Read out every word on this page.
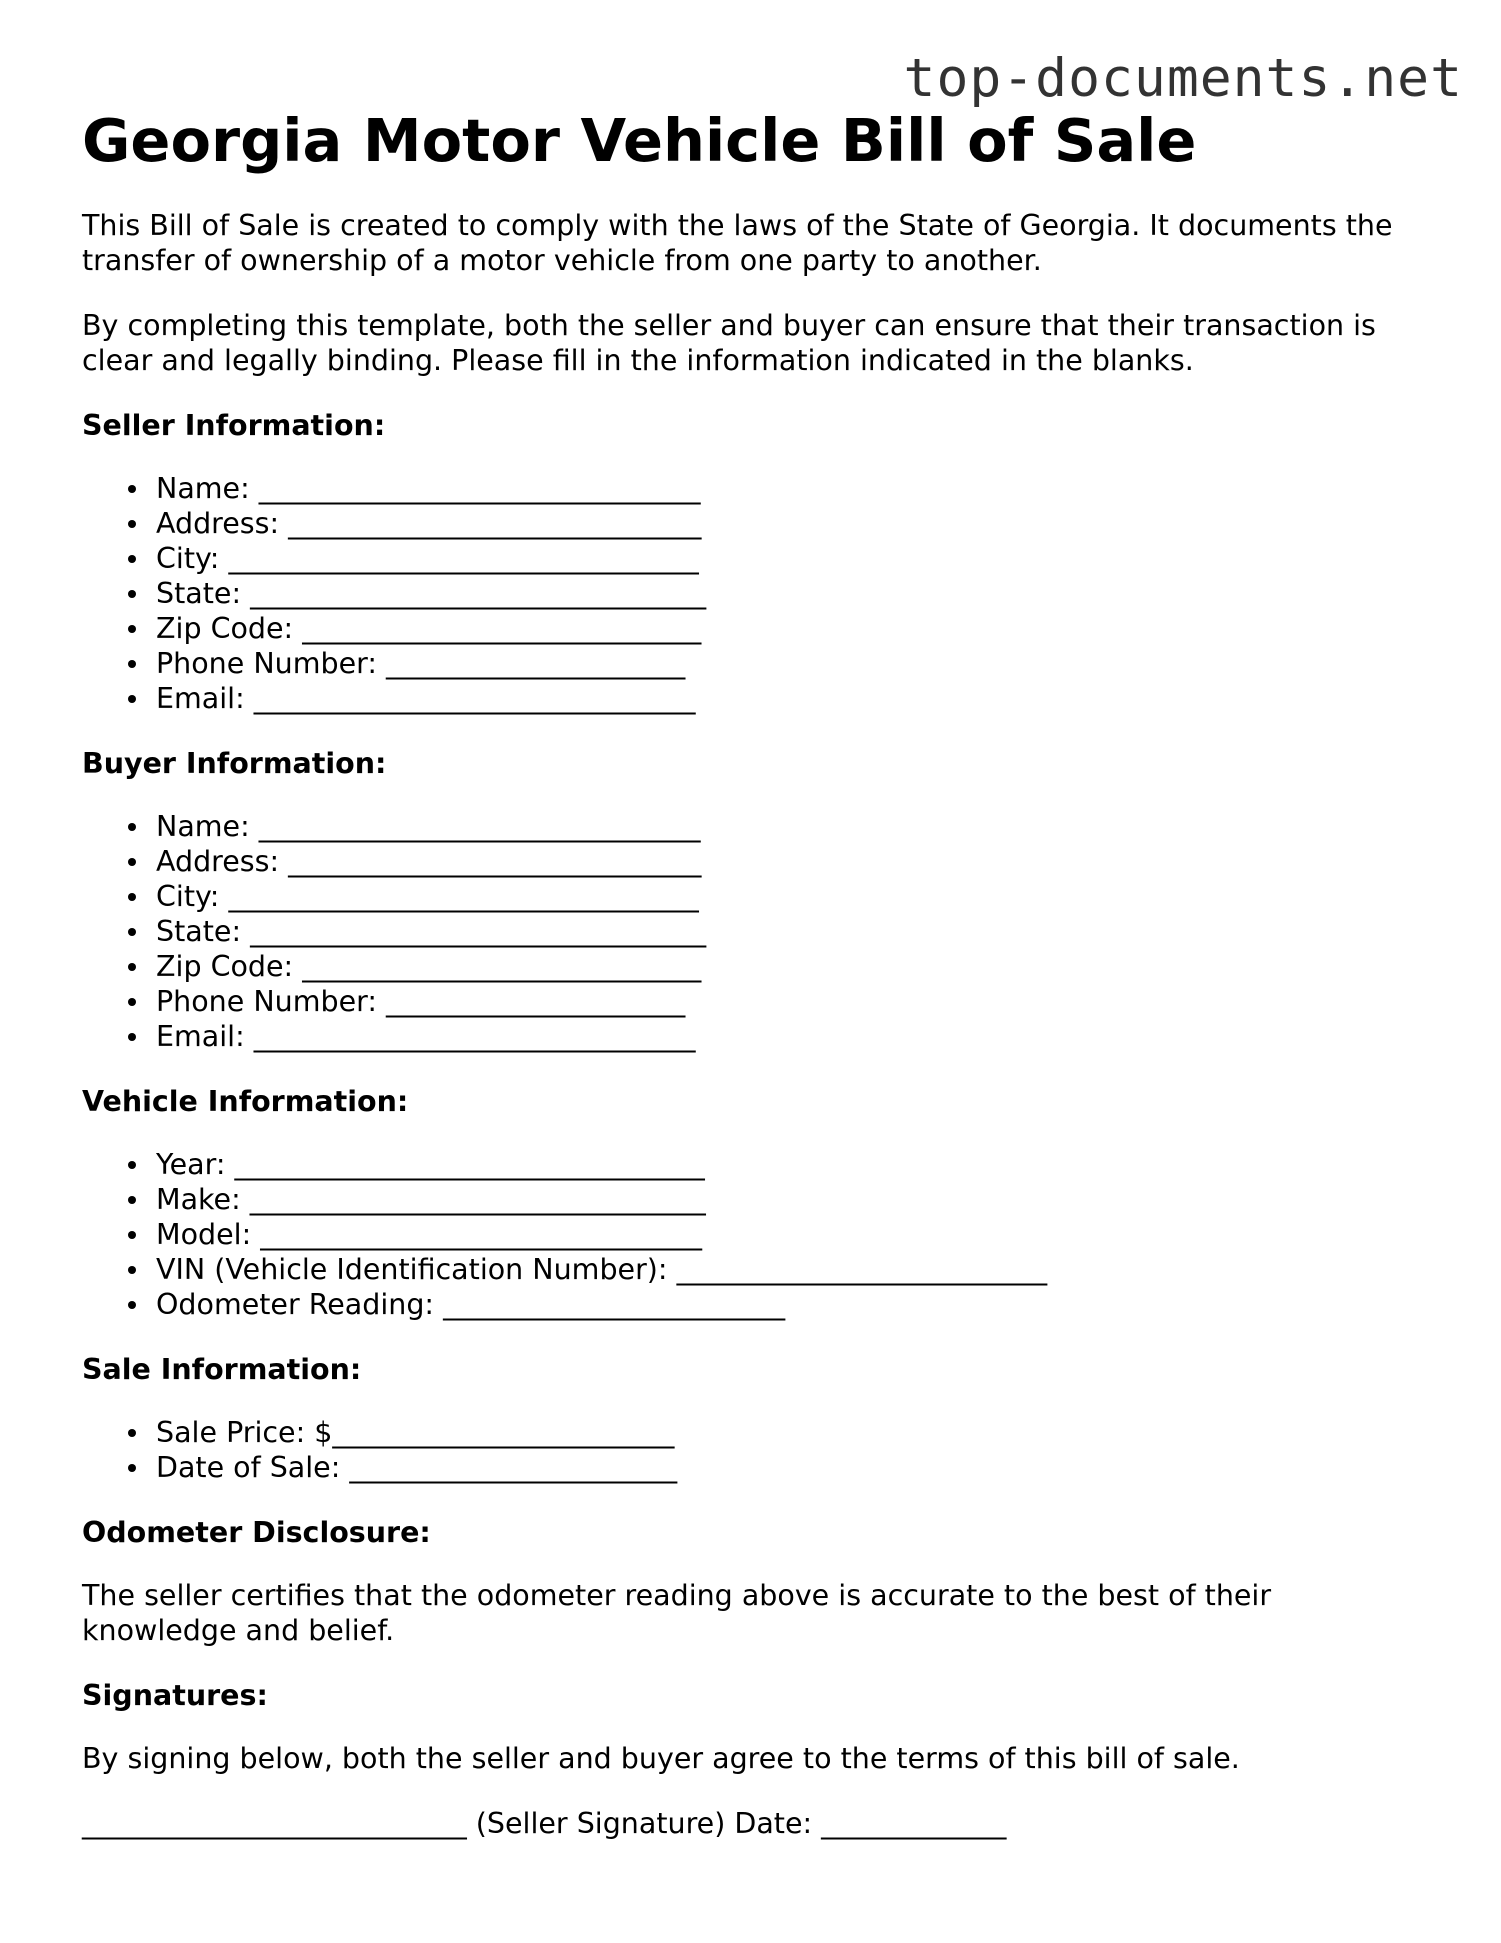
top-documents.net
Georgia Motor Vehicle Bill of Sale

This Bill of Sale is created to comply with the laws of the State of Georgia. It documents the transfer of ownership of a motor vehicle from one party to another.

By completing this template, both the seller and buyer can ensure that their transaction is clear and legally binding. Please fill in the information indicated in the blanks.

Seller Information:
Name: _______________________________
Address: _____________________________
City: _________________________________
State: ________________________________
Zip Code: ____________________________
Phone Number: _____________________
Email: _______________________________
Buyer Information:
Name: _______________________________
Address: _____________________________
City: _________________________________
State: ________________________________
Zip Code: ____________________________
Phone Number: _____________________
Email: _______________________________
Vehicle Information:
Year: _________________________________
Make: ________________________________
Model: _______________________________
VIN (Vehicle Identification Number): __________________________
Odometer Reading: ________________________
Sale Information:
Sale Price: $________________________
Date of Sale: _______________________
Odometer Disclosure:

The seller certifies that the odometer reading above is accurate to the best of their knowledge and belief.

Signatures:

By signing below, both the seller and buyer agree to the terms of this bill of sale.

___________________________ (Seller Signature) Date: _____________
